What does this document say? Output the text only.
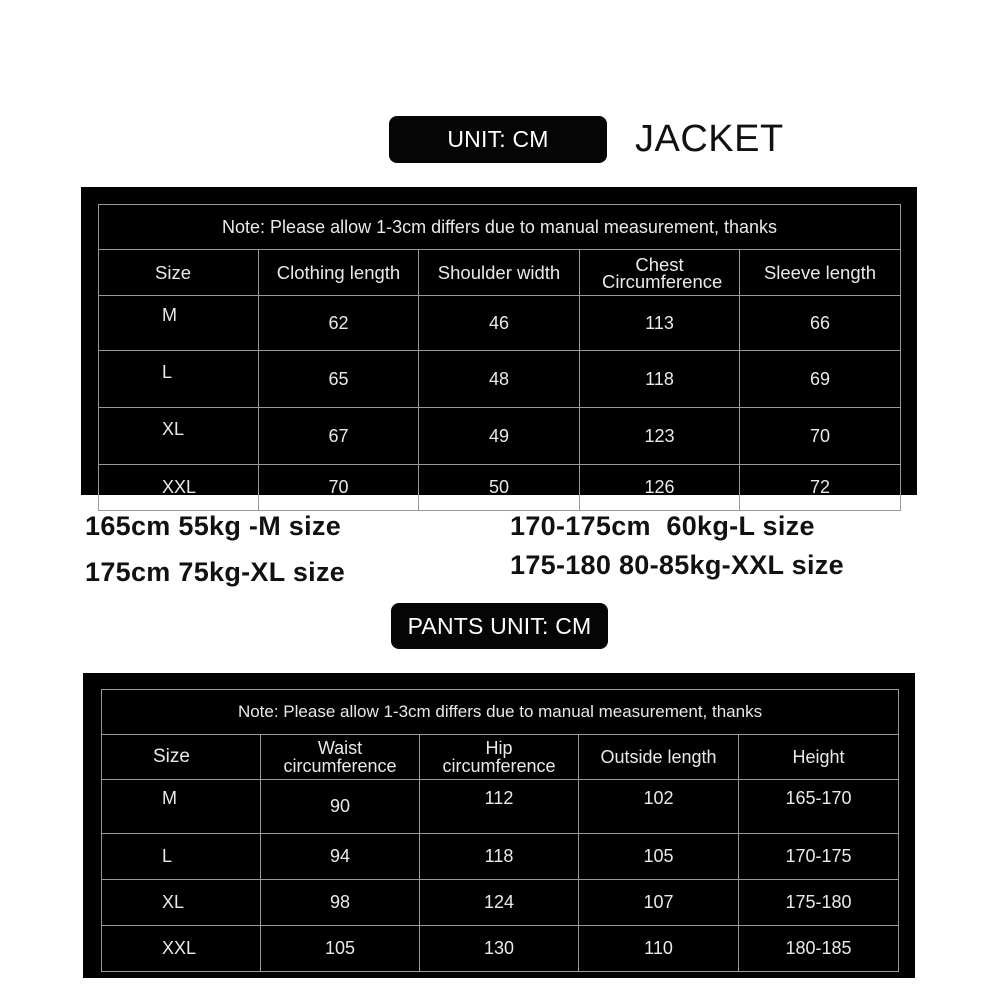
UNIT: CM JACKET
Note: Please allow 1-3cm differs due to manual measurement, thanks				
Size	Clothing length	Shoulder width	Chest Circumference	Sleeve length
M	62	46	113	66
L	65	48	118	69
XL	67	49	123	70
XXL	70	50	126	72
165cm 55kg -M size
175cm 75kg-XL size
170-175cm  60kg-L size
175-180 80-85kg-XXL size
PANTS UNIT: CM
Note: Please allow 1-3cm differs due to manual measurement, thanks				
Size	Waist circumference	Hip circumference	Outside length	Height
M	90	112	102	165-170
L	94	118	105	170-175
XL	98	124	107	175-180
XXL	105	130	110	180-185
